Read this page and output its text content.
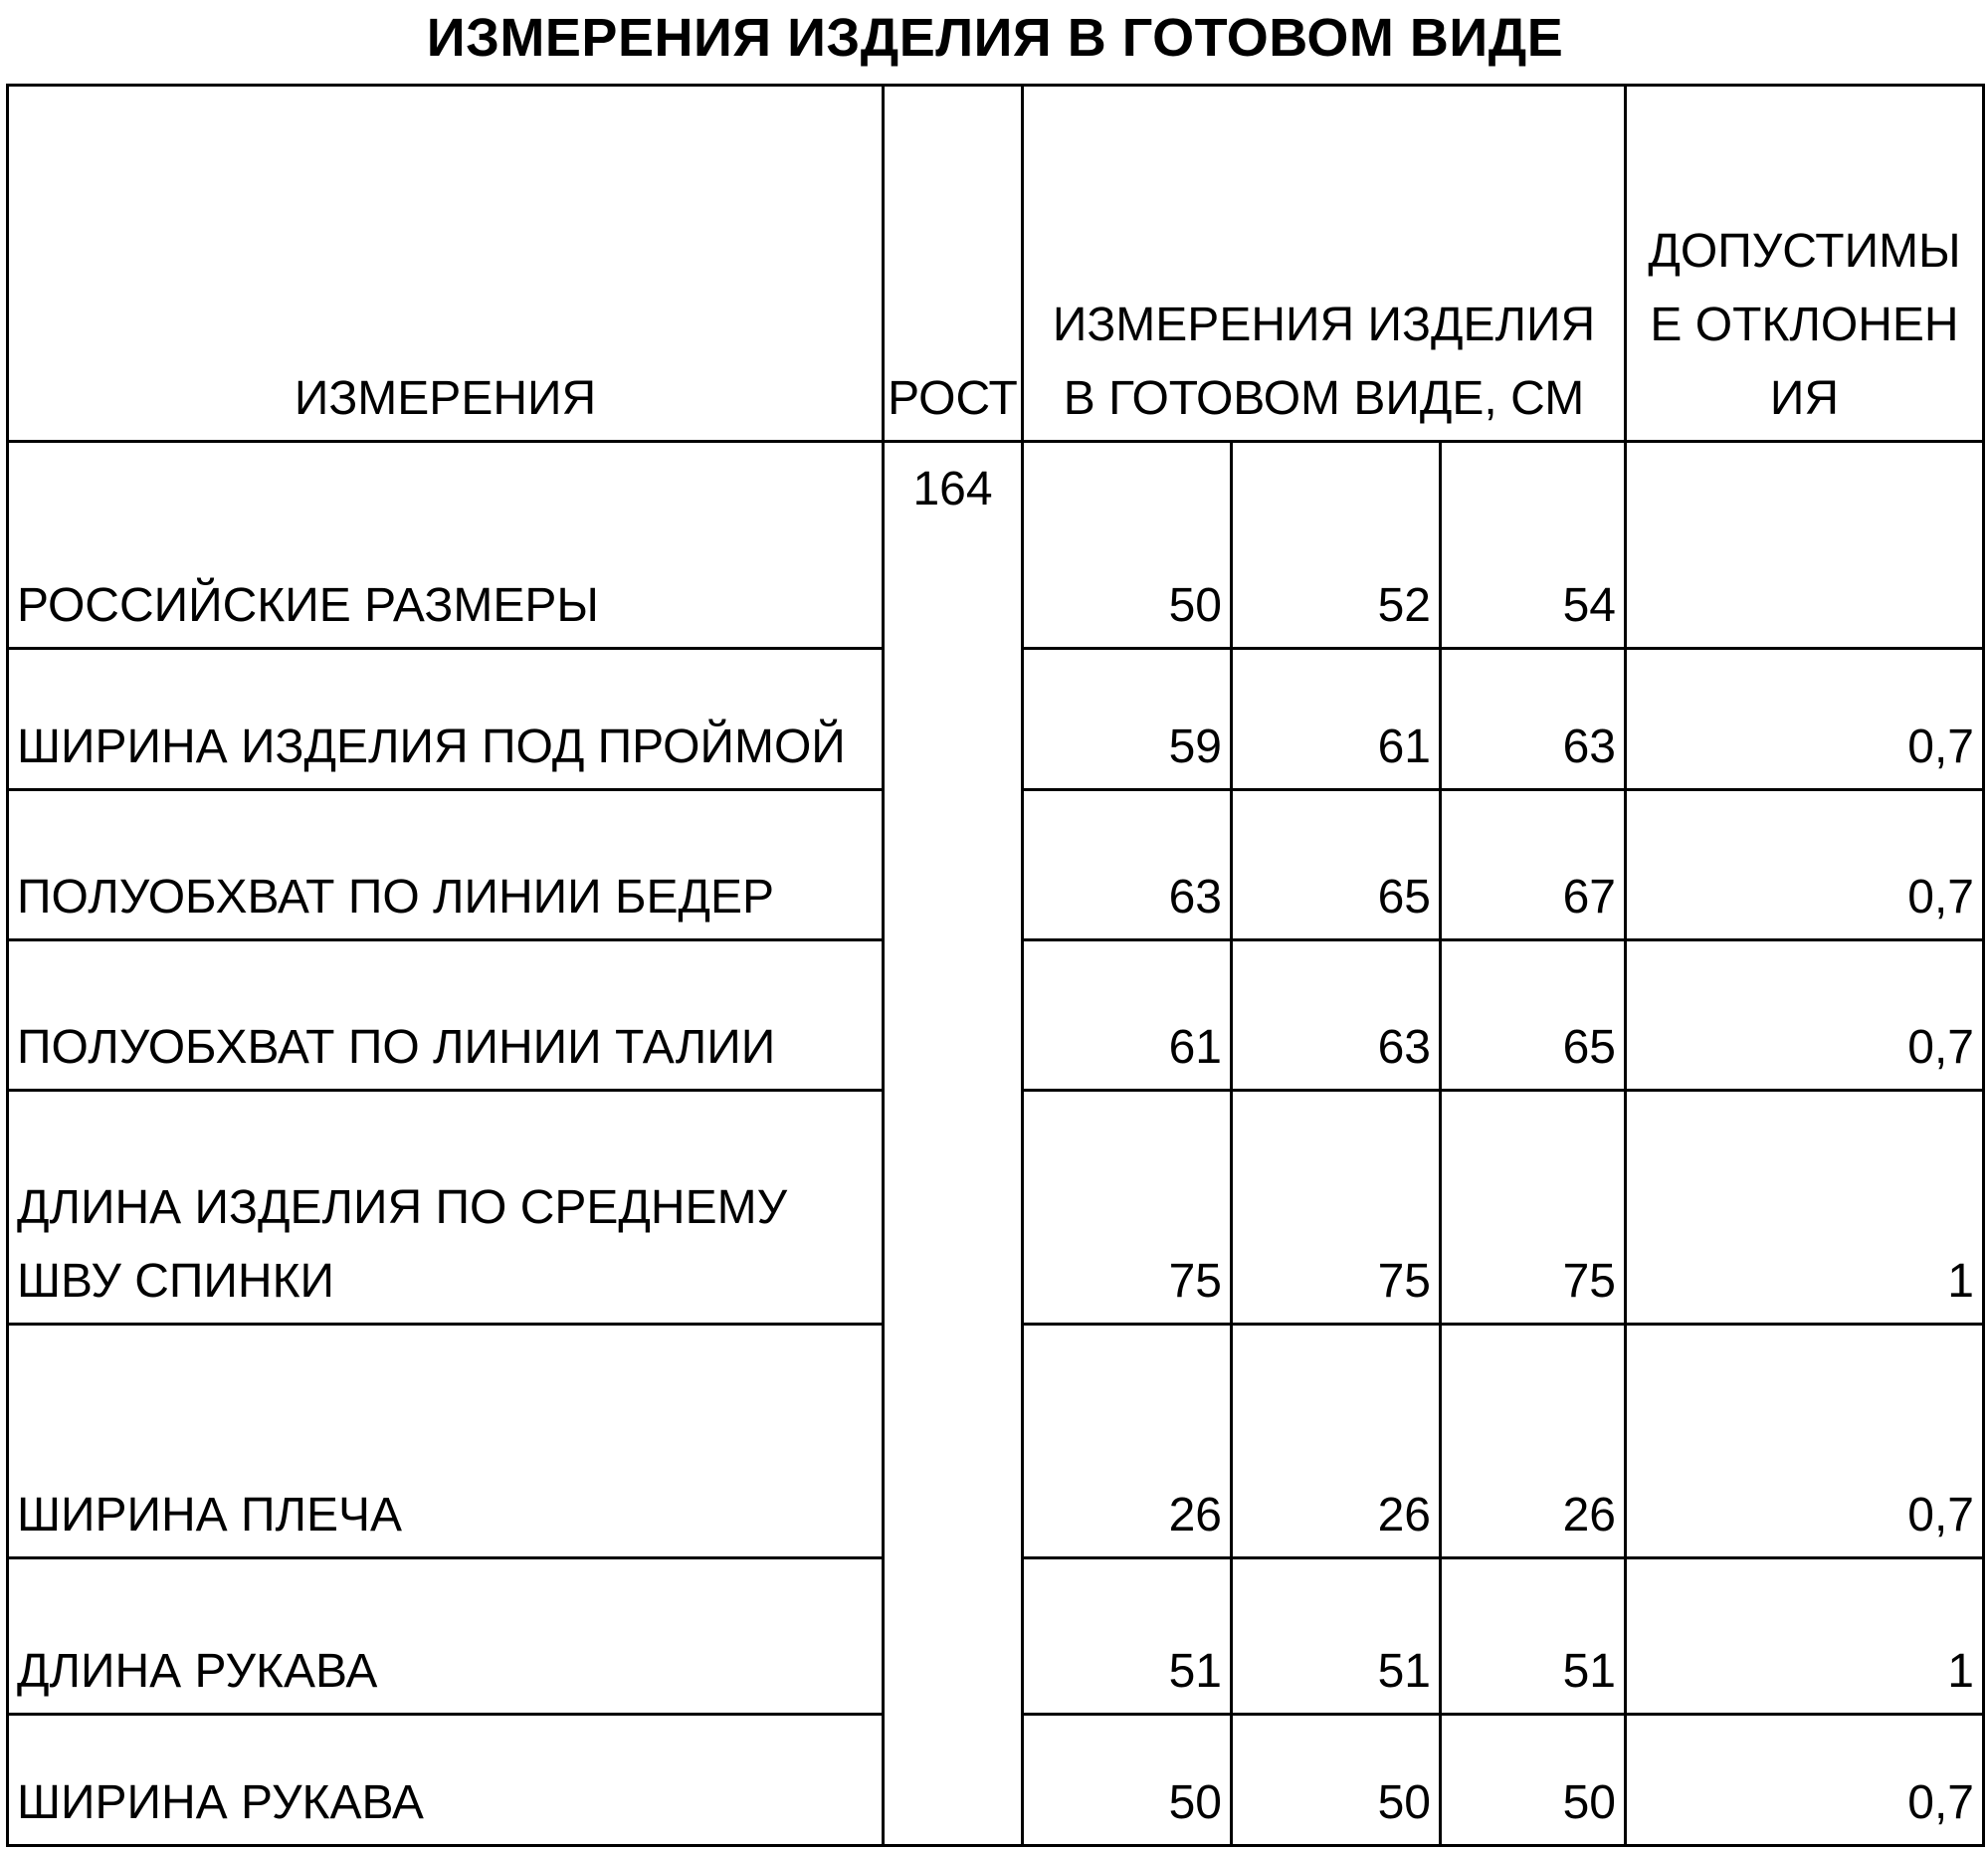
ИЗМЕРЕНИЯ ИЗДЕЛИЯ В ГОТОВОМ ВИДЕ
ИЗМЕРЕНИЯ	РОСТ	ИЗМЕРЕНИЯ ИЗДЕЛИЯ В ГОТОВОМ ВИДЕ, СМ			ДОПУСТИМЫЕ ОТКЛОНЕНИЯ

РОССИЙСКИЕ РАЗМЕРЫ	164	50	52	54	
ШИРИНА ИЗДЕЛИЯ ПОД ПРОЙМОЙ		59	61	63	0,7
ПОЛУОБХВАТ ПО ЛИНИИ БЕДЕР		63	65	67	0,7
ПОЛУОБХВАТ ПО ЛИНИИ ТАЛИИ		61	63	65	0,7
ДЛИНА ИЗДЕЛИЯ ПО СРЕДНЕМУ ШВУ СПИНКИ		75	75	75	1
ШИРИНА ПЛЕЧА		26	26	26	0,7
ДЛИНА РУКАВА		51	51	51	1
ШИРИНА РУКАВА		50	50	50	0,7
